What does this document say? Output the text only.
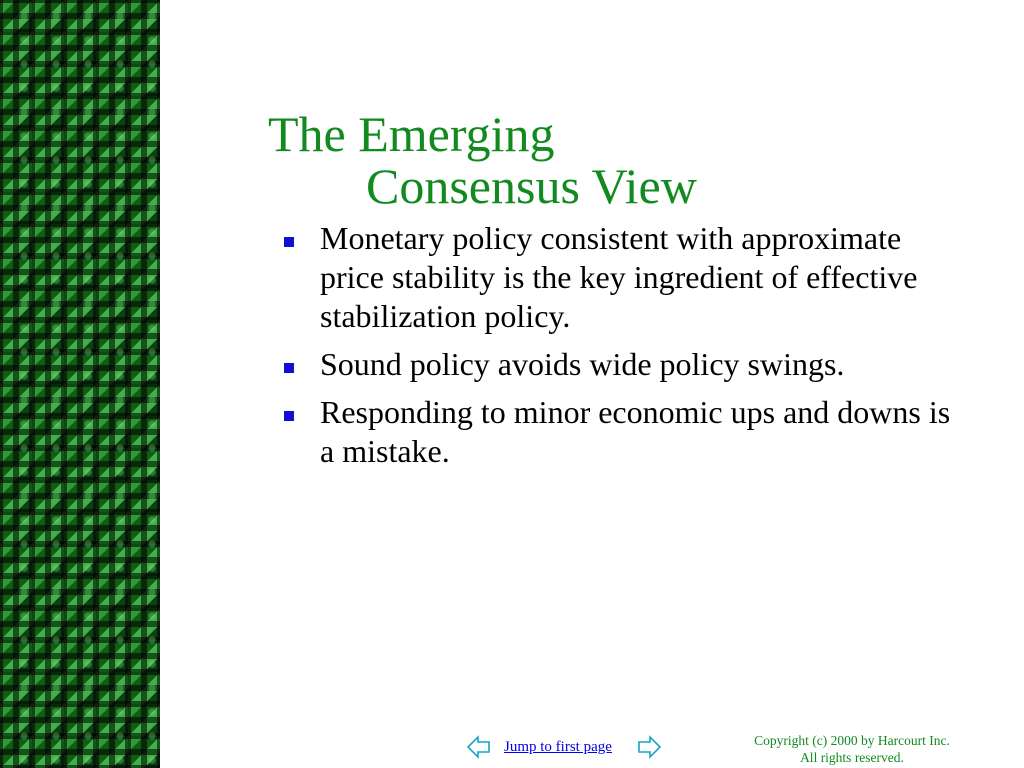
The Emerging
Consensus View
Monetary policy consistent with approximate price stability is the key ingredient of effective stabilization policy.
Sound policy avoids wide policy swings.
Responding to minor economic ups and downs is a mistake.
Jump to first page	Copyright (c) 2000 by Harcourt Inc.
All rights reserved.
